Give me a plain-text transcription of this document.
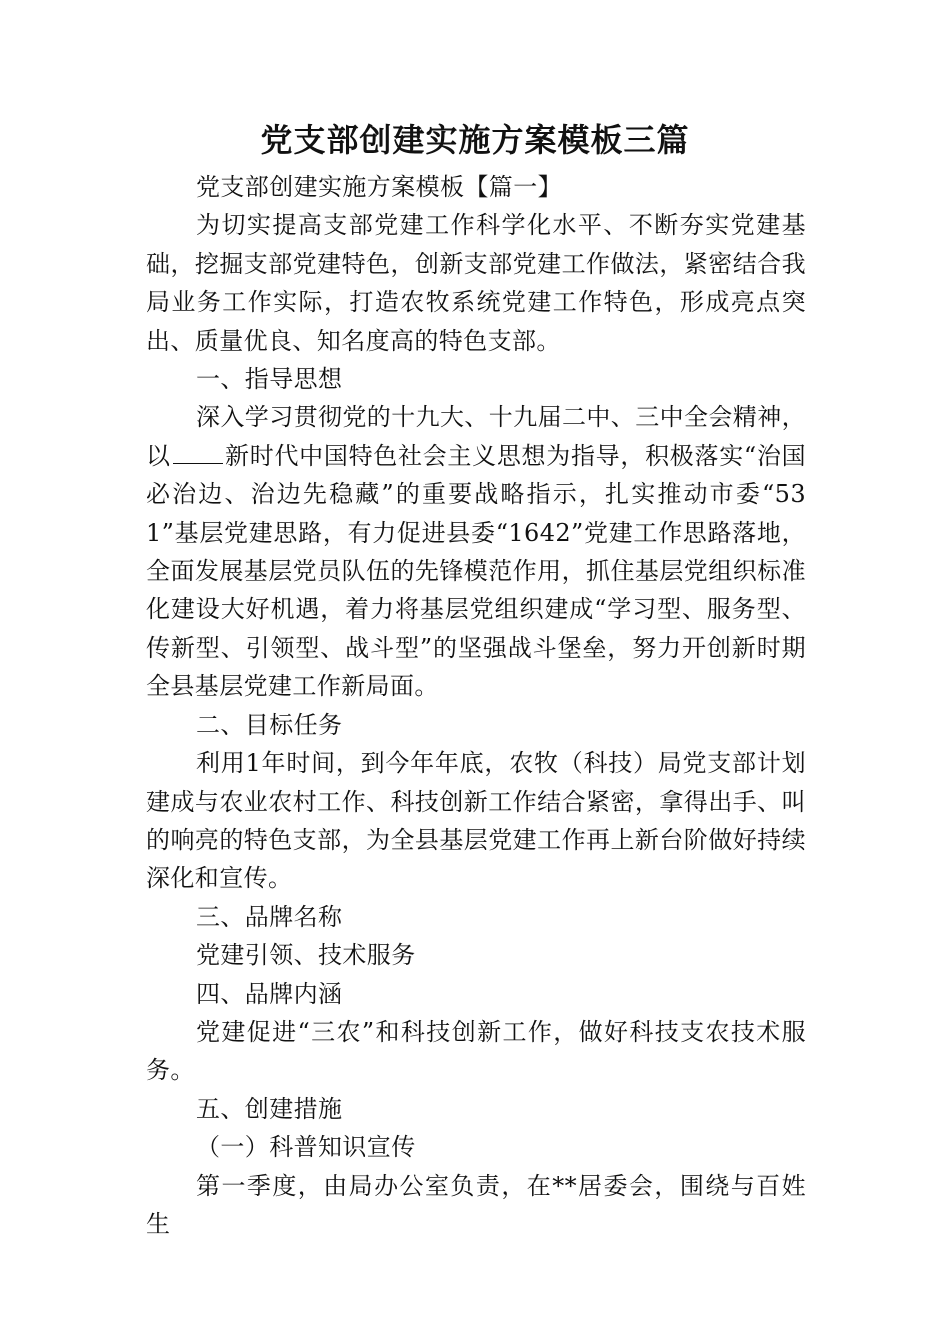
党支部创建实施方案模板三篇

党支部创建实施方案模板【篇一】

为切实提高支部党建工作科学化水平、不断夯实党建基础，挖掘支部党建特色，创新支部党建工作做法，紧密结合我局业务工作实际，打造农牧系统党建工作特色，形成亮点突出、质量优良、知名度高的特色支部。

一、指导思想

深入学习贯彻党的十九大、十九届二中、三中全会精神，以 新时代中国特色社会主义思想为指导，积极落实“治国必治边、治边先稳藏”的重要战略指示，扎实推动市委“531”基层党建思路，有力促进县委“1642”党建工作思路落地，全面发展基层党员队伍的先锋模范作用，抓住基层党组织标准化建设大好机遇，着力将基层党组织建成“学习型、服务型、传新型、引领型、战斗型”的坚强战斗堡垒，努力开创新时期全县基层党建工作新局面。

二、目标任务

利用1年时间，到今年年底，农牧（科技）局党支部计划建成与农业农村工作、科技创新工作结合紧密，拿得出手、叫的响亮的特色支部，为全县基层党建工作再上新台阶做好持续深化和宣传。

三、品牌名称

党建引领、技术服务

四、品牌内涵

党建促进“三农”和科技创新工作，做好科技支农技术服务。

五、创建措施

（一）科普知识宣传

第一季度，由局办公室负责，在**居委会，围绕与百姓生
